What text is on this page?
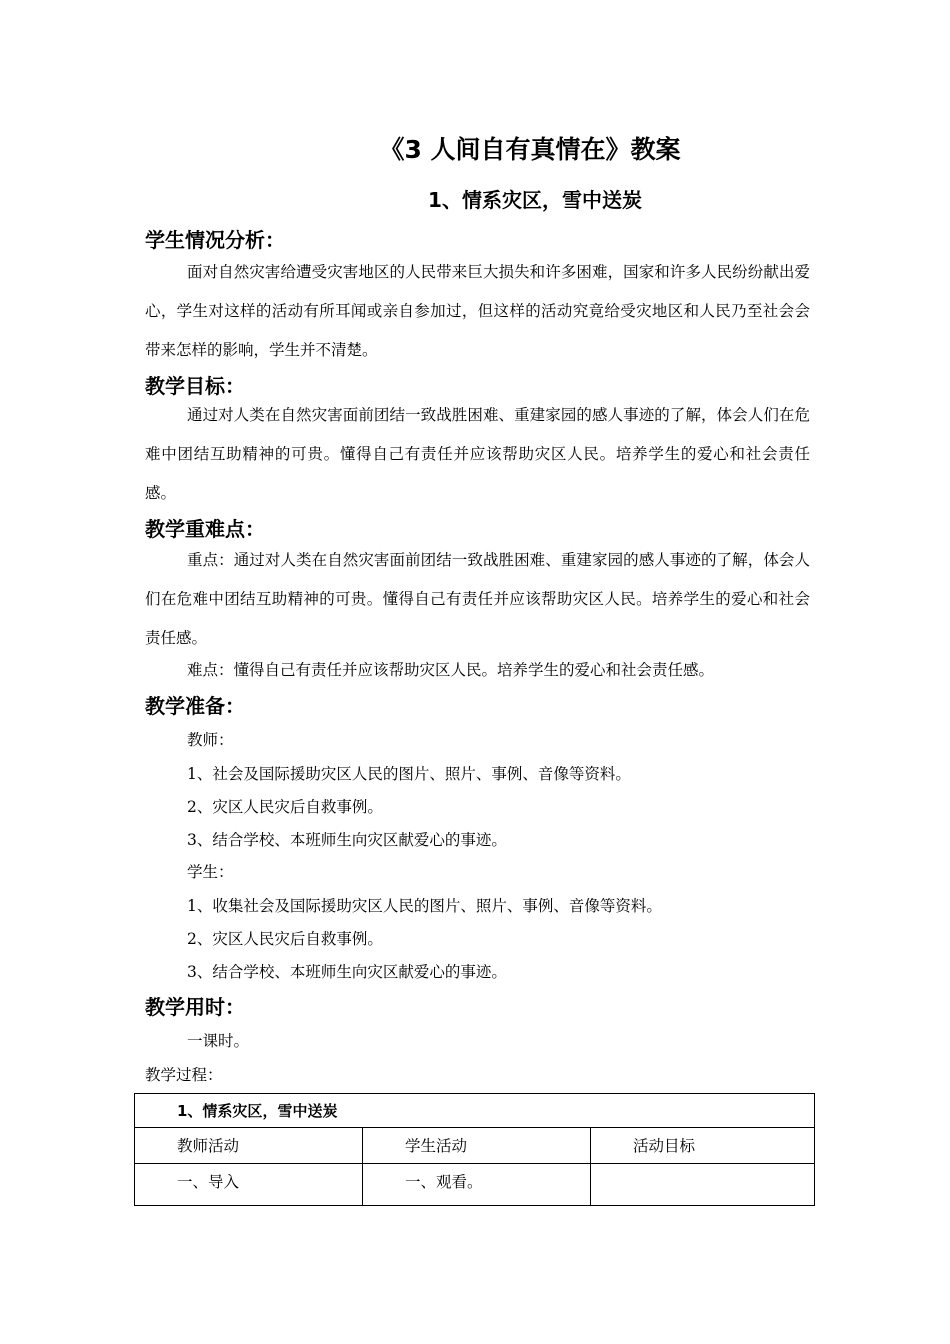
《3 人间自有真情在》教案
1、情系灾区，雪中送炭
学生情况分析：

面对自然灾害给遭受灾害地区的人民带来巨大损失和许多困难，国家和许多人民纷纷献出爱心，学生对这样的活动有所耳闻或亲自参加过，但这样的活动究竟给受灾地区和人民乃至社会会带来怎样的影响，学生并不清楚。

教学目标：

通过对人类在自然灾害面前团结一致战胜困难、重建家园的感人事迹的了解，体会人们在危难中团结互助精神的可贵。懂得自己有责任并应该帮助灾区人民。培养学生的爱心和社会责任感。

教学重难点：

重点：通过对人类在自然灾害面前团结一致战胜困难、重建家园的感人事迹的了解，体会人们在危难中团结互助精神的可贵。懂得自己有责任并应该帮助灾区人民。培养学生的爱心和社会责任感。

难点：懂得自己有责任并应该帮助灾区人民。培养学生的爱心和社会责任感。
教学准备：
教师：
1、社会及国际援助灾区人民的图片、照片、事例、音像等资料。
2、灾区人民灾后自救事例。
3、结合学校、本班师生向灾区献爱心的事迹。
学生：
1、收集社会及国际援助灾区人民的图片、照片、事例、音像等资料。
2、灾区人民灾后自救事例。
3、结合学校、本班师生向灾区献爱心的事迹。
教学用时：
一课时。
教学过程：
1、情系灾区，雪中送炭		
教师活动	学生活动	活动目标
一、导入	一、观看。	
